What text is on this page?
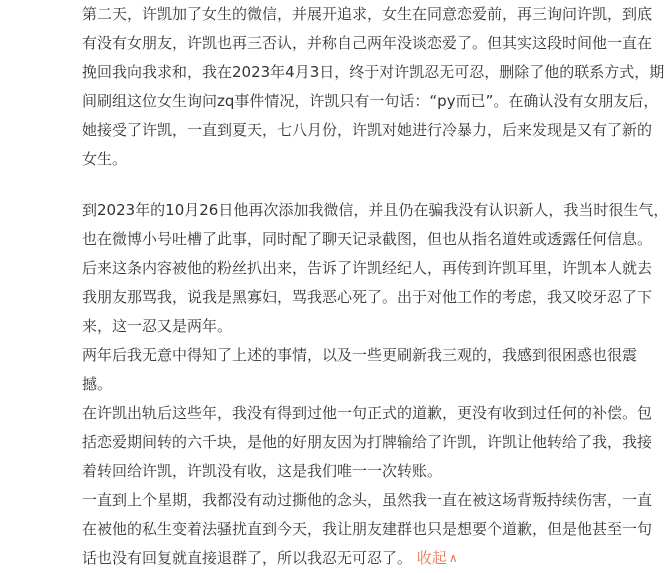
第二天，许凯加了女生的微信，并展开追求，女生在同意恋爱前，再三询问许凯，到底
有没有女朋友，许凯也再三否认，并称自己两年没谈恋爱了。但其实这段时间他一直在
挽回我向我求和，我在2023年4月3日，终于对许凯忍无可忍，删除了他的联系方式，期
间刷组这位女生询问zq事件情况，许凯只有一句话：“py而已”。在确认没有女朋友后，
她接受了许凯，一直到夏天，七八月份，许凯对她进行冷暴力，后来发现是又有了新的
女生。

到2023年的10月26日他再次添加我微信，并且仍在骗我没有认识新人，我当时很生气，
也在微博小号吐槽了此事，同时配了聊天记录截图，但也从指名道姓或透露任何信息。
后来这条内容被他的粉丝扒出来，告诉了许凯经纪人，再传到许凯耳里，许凯本人就去
我朋友那骂我，说我是黑寡妇，骂我恶心死了。出于对他工作的考虑，我又咬牙忍了下
来，这一忍又是两年。

两年后我无意中得知了上述的事情，以及一些更刷新我三观的，我感到很困惑也很震
撼。

在许凯出轨后这些年，我没有得到过他一句正式的道歉，更没有收到过任何的补偿。包
括恋爱期间转的六千块，是他的好朋友因为打牌输给了许凯，许凯让他转给了我，我接
着转回给许凯，许凯没有收，这是我们唯一一次转账。

一直到上个星期，我都没有动过撕他的念头，虽然我一直在被这场背叛持续伤害，一直
在被他的私生变着法骚扰直到今天，我让朋友建群也只是想要个道歉，但是他甚至一句
话也没有回复就直接退群了，所以我忍无可忍了。 收起 ∧
